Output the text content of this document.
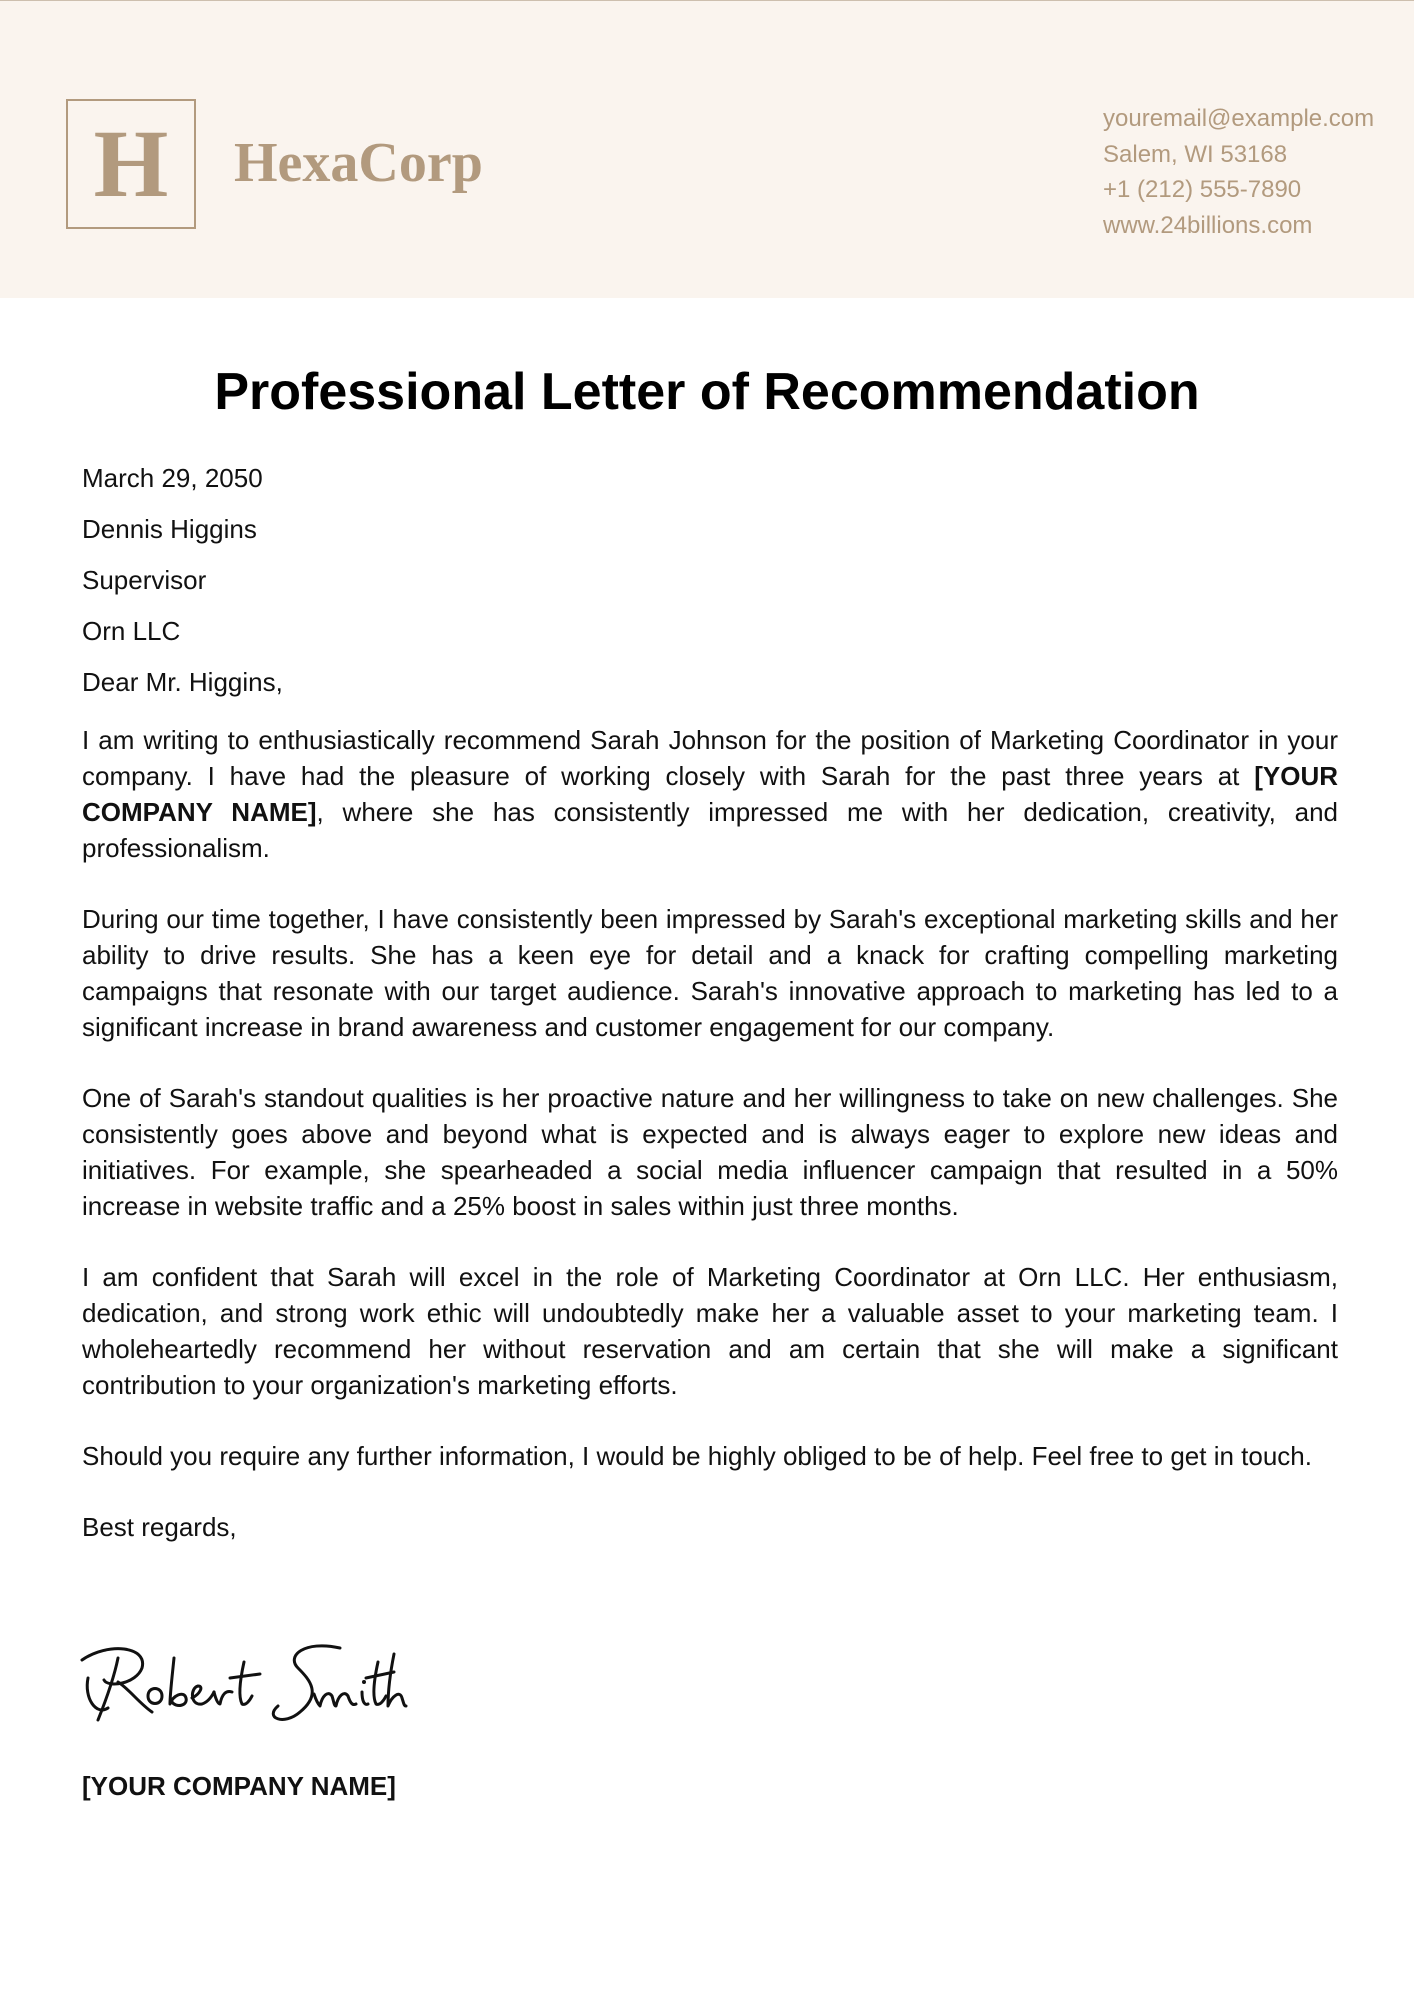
H HexaCorp
youremail@example.com
Salem, WI 53168
+1 (212) 555-7890
www.24billions.com
Professional Letter of Recommendation

March 29, 2050

Dennis Higgins

Supervisor

Orn LLC

Dear Mr. Higgins,

I am writing to enthusiastically recommend Sarah Johnson for the position of Marketing Coordinator in your company. I have had the pleasure of working closely with Sarah for the past three years at [YOUR COMPANY NAME], where she has consistently impressed me with her dedication, creativity, and professionalism.

During our time together, I have consistently been impressed by Sarah's exceptional marketing skills and her ability to drive results. She has a keen eye for detail and a knack for crafting compelling marketing campaigns that resonate with our target audience. Sarah's innovative approach to marketing has led to a significant increase in brand awareness and customer engagement for our company.

One of Sarah's standout qualities is her proactive nature and her willingness to take on new challenges. She consistently goes above and beyond what is expected and is always eager to explore new ideas and initiatives. For example, she spearheaded a social media influencer campaign that resulted in a 50% increase in website traffic and a 25% boost in sales within just three months.

I am confident that Sarah will excel in the role of Marketing Coordinator at Orn LLC. Her enthusiasm, dedication, and strong work ethic will undoubtedly make her a valuable asset to your marketing team. I wholeheartedly recommend her without reservation and am certain that she will make a significant contribution to your organization's marketing efforts.

Should you require any further information, I would be highly obliged to be of help. Feel free to get in touch.

Best regards,

[YOUR COMPANY NAME]
